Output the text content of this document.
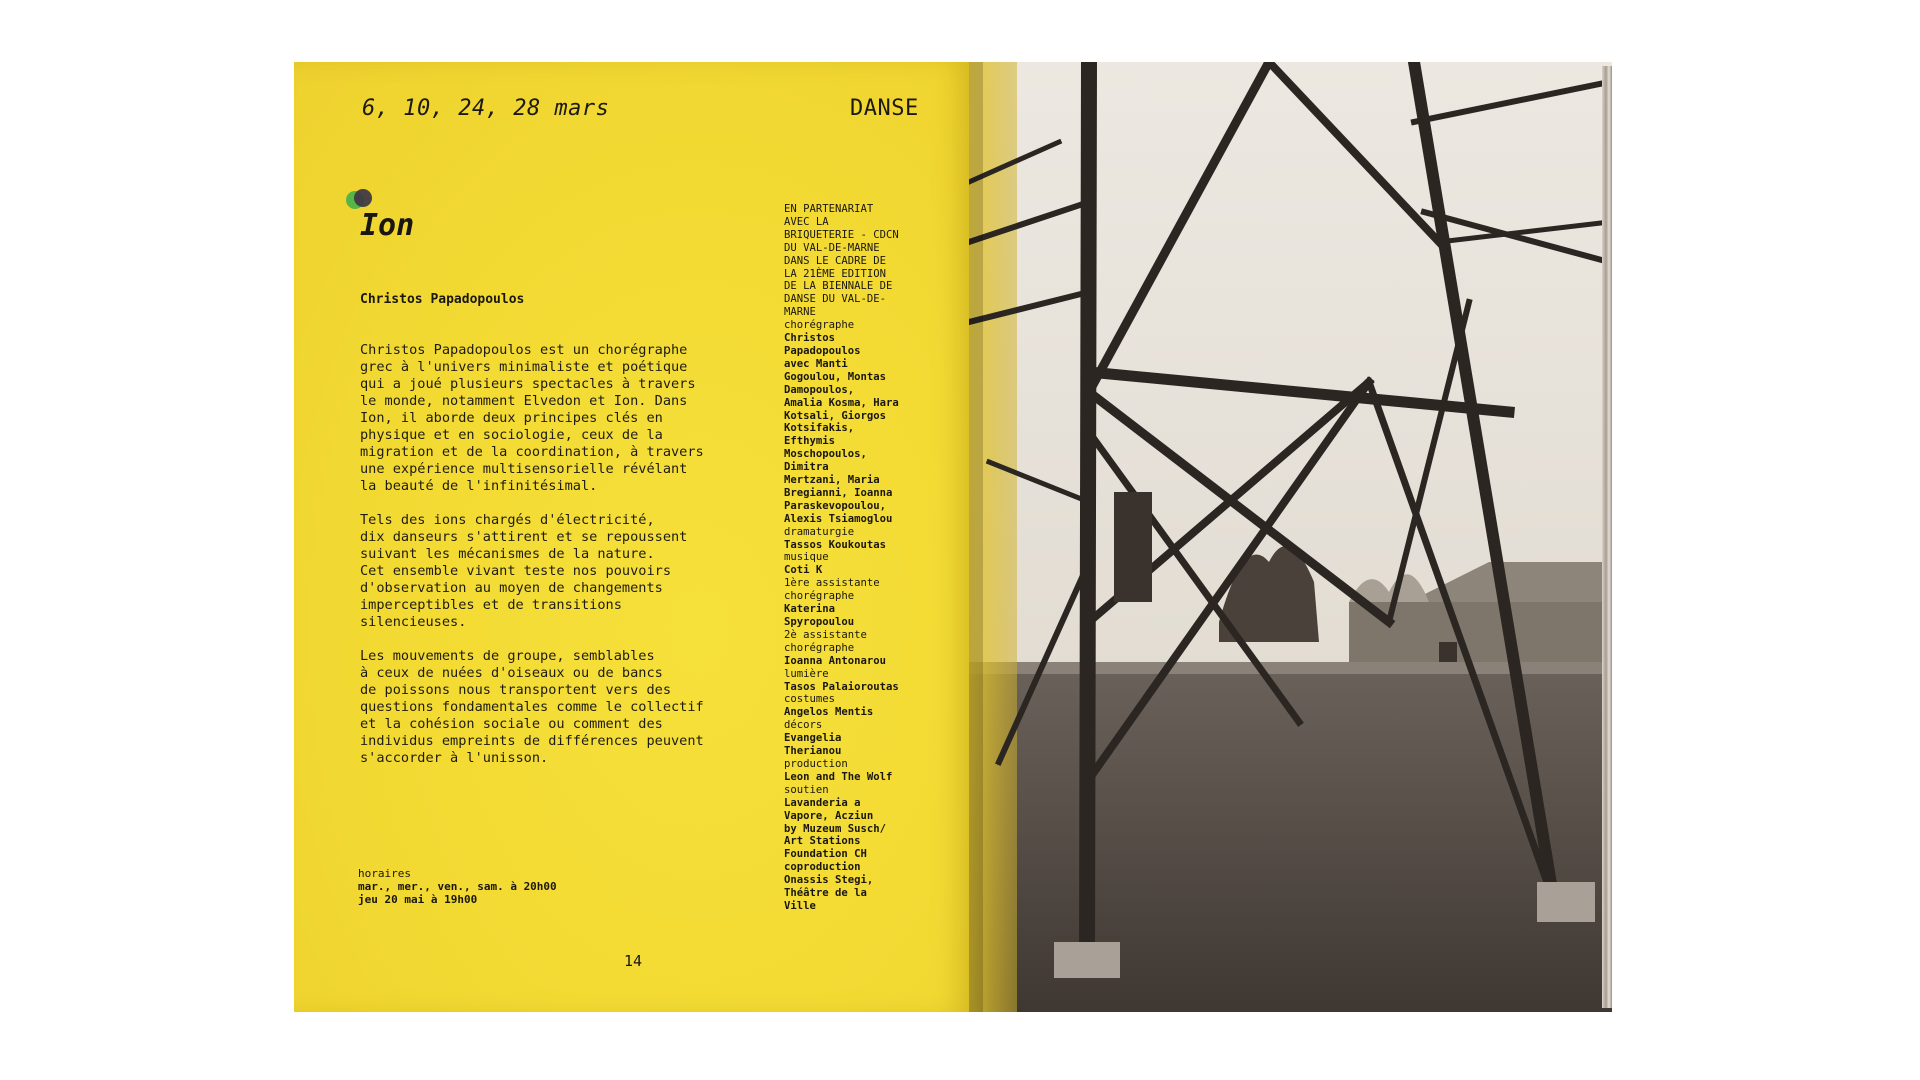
6, 10, 24, 28 mars	DANSE
Ion
Christos Papadopoulos

Christos Papadopoulos est un chorégraphe
grec à l'univers minimaliste et poétique
qui a joué plusieurs spectacles à travers
le monde, notamment Elvedon et Ion. Dans
Ion, il aborde deux principes clés en
physique et en sociologie, ceux de la
migration et de la coordination, à travers
une expérience multisensorielle révélant
la beauté de l'infinitésimal.

Tels des ions chargés d'électricité,
dix danseurs s'attirent et se repoussent
suivant les mécanismes de la nature.
Cet ensemble vivant teste nos pouvoirs
d'observation au moyen de changements
imperceptibles et de transitions
silencieuses.

Les mouvements de groupe, semblables
à ceux de nuées d'oiseaux ou de bancs
de poissons nous transportent vers des
questions fondamentales comme le collectif
et la cohésion sociale ou comment des
individus empreints de différences peuvent
s'accorder à l'unisson.

horaires
mar., mer., ven., sam. à 20h00
jeu 20 mai à 19h00
EN PARTENARIAT
AVEC LA
BRIQUETERIE - CDCN
DU VAL-DE-MARNE
DANS LE CADRE DE
LA 21ÈME EDITION
DE LA BIENNALE DE
DANSE DU VAL-DE-
MARNE
chorégraphe
Christos
Papadopoulos
avec Manti
Gogoulou, Montas
Damopoulos,
Amalia Kosma, Hara
Kotsali, Giorgos
Kotsifakis,
Efthymis
Moschopoulos,
Dimitra
Mertzani, Maria
Bregianni, Ioanna
Paraskevopoulou,
Alexis Tsiamoglou
dramaturgie
Tassos Koukoutas
musique
Coti K
1ère assistante
chorégraphe
Katerina
Spyropoulou
2è assistante
chorégraphe
Ioanna Antonarou
lumière
Tasos Palaioroutas
costumes
Angelos Mentis
décors
Evangelia
Therianou
production
Leon and The Wolf
soutien
Lavanderia a
Vapore, Acziun
by Muzeum Susch/
Art Stations
Foundation CH
coproduction
Onassis Stegi,
Théâtre de la
Ville
14
